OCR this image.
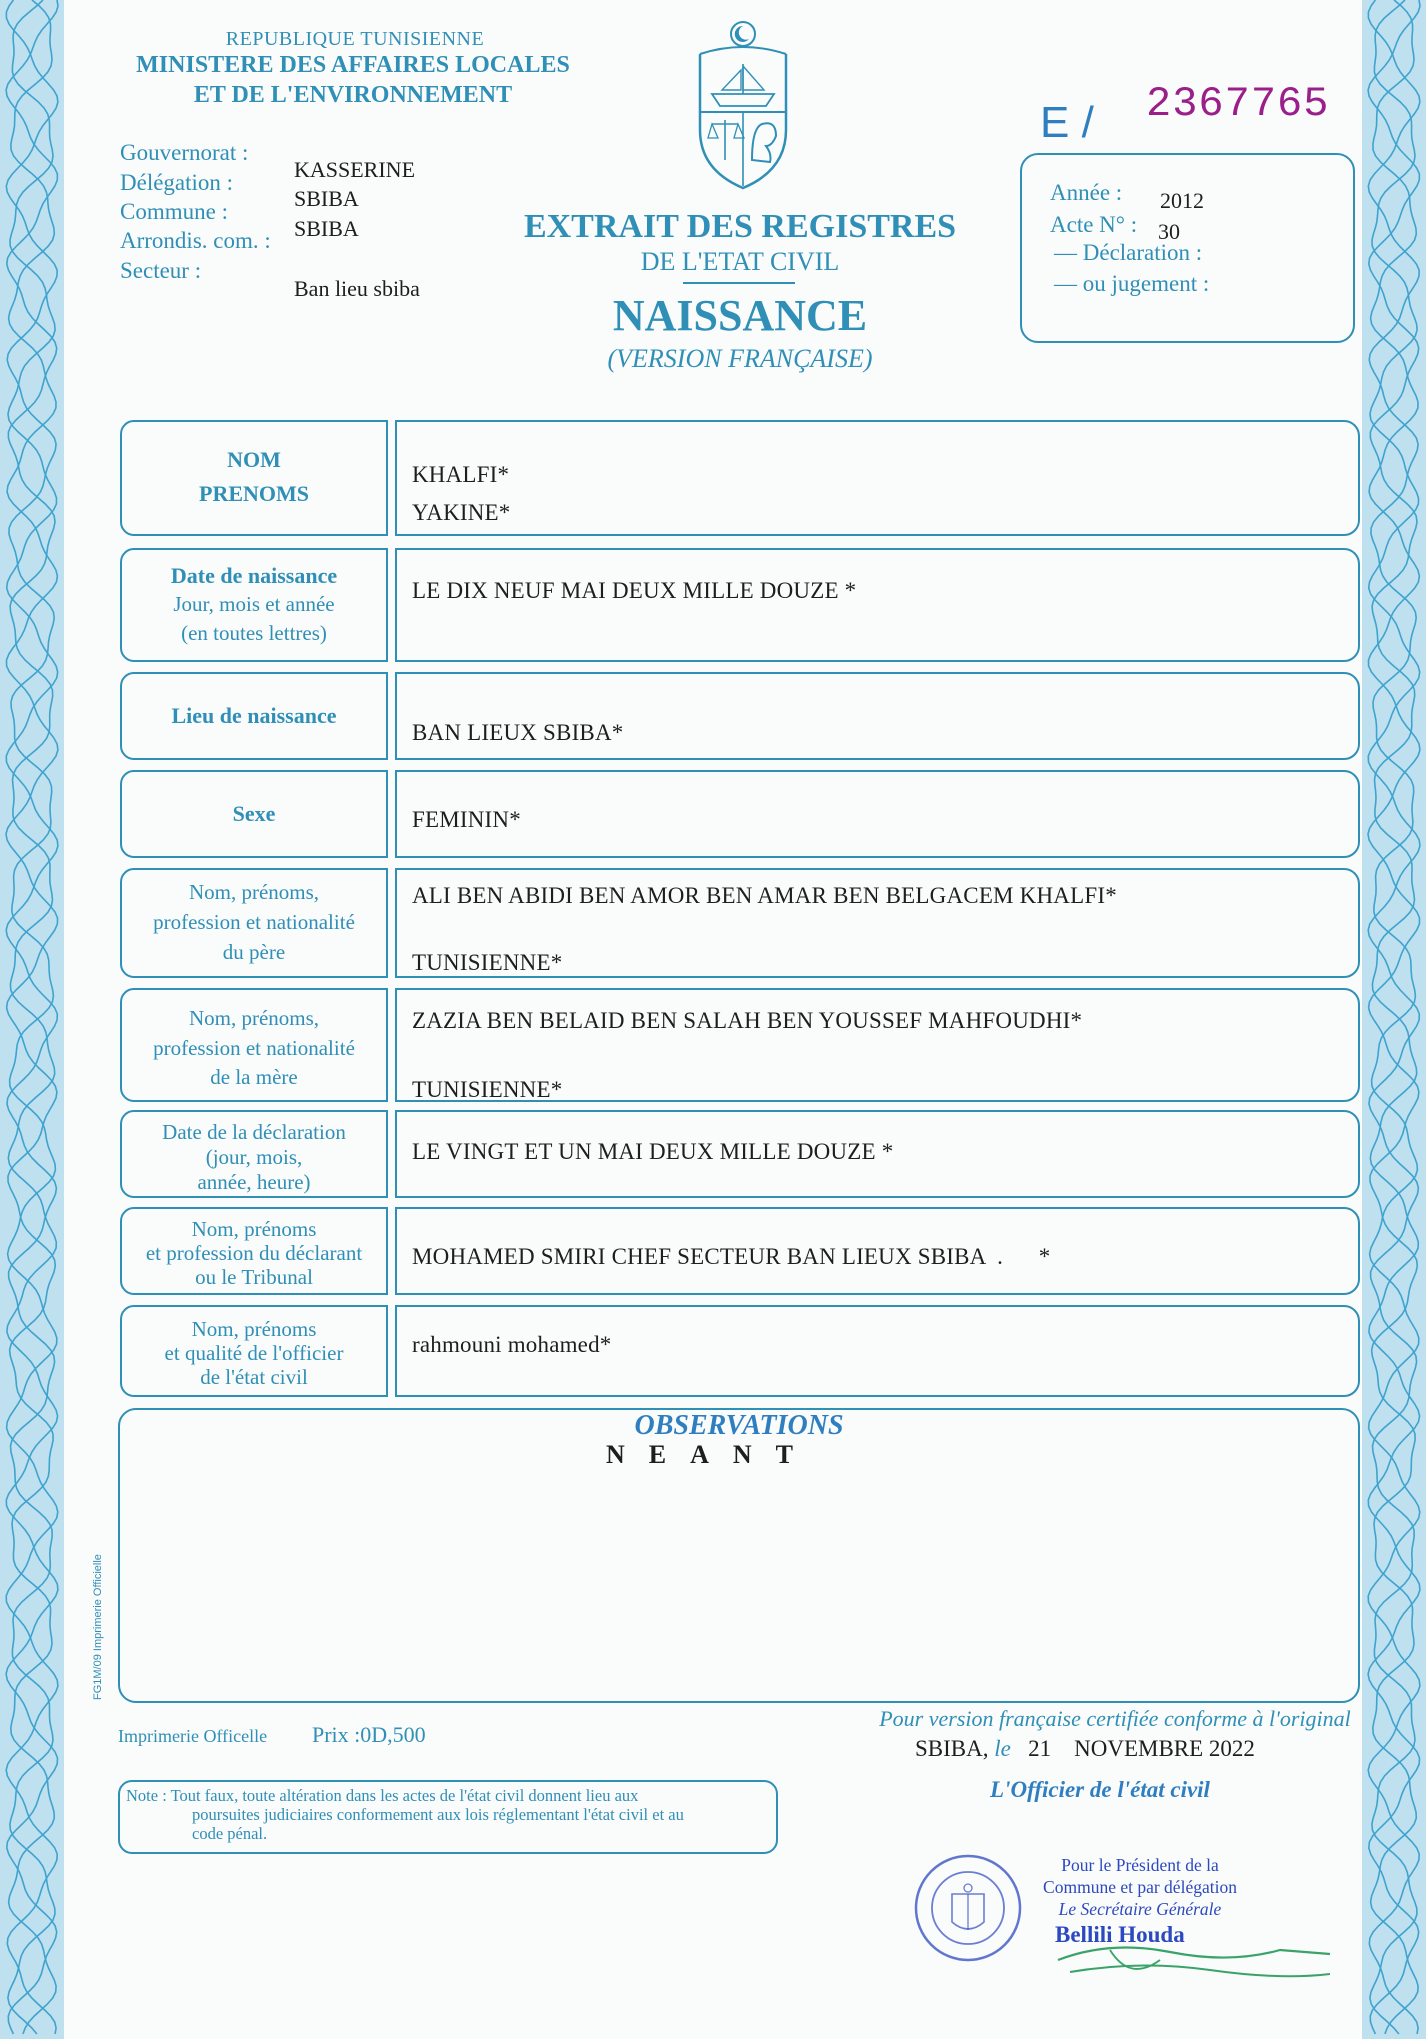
REPUBLIQUE TUNISIENNE
MINISTERE DES AFFAIRES LOCALES
ET DE L'ENVIRONNEMENT
Gouvernorat :
Délégation :
Commune :
Arrondis. com. :
Secteur :
KASSERINE
SBIBA
SBIBA
Ban lieu sbiba
EXTRAIT DES REGISTRES
DE L'ETAT CIVIL
NAISSANCE
(VERSION FRANÇAISE)
E / 2367765
Année : 2012
Acte N° : 30
— Déclaration :
— ou jugement :
NOM
PRENOMS
KHALFI*
YAKINE*
Date de naissance
Jour, mois et année
(en toutes lettres)
LE DIX NEUF MAI DEUX MILLE DOUZE *
Lieu de naissance
BAN LIEUX SBIBA*
Sexe	FEMININ*
Nom, prénoms,
profession et nationalité
du père
ALI BEN ABIDI BEN AMOR BEN AMAR BEN BELGACEM KHALFI*
TUNISIENNE*
Nom, prénoms,
profession et nationalité
de la mère
ZAZIA BEN BELAID BEN SALAH BEN YOUSSEF MAHFOUDHI*
TUNISIENNE*
Date de la déclaration
(jour, mois,
année, heure)
LE VINGT ET UN MAI DEUX MILLE DOUZE *
Nom, prénoms
et profession du déclarant
ou le Tribunal
MOHAMED SMIRI CHEF SECTEUR BAN LIEUX SBIBA  .      *
Nom, prénoms
et qualité de l'officier
de l'état civil
rahmouni mohamed*
OBSERVATIONS
NEANT
FG1M/09 Imprimerie Officielle
Imprimerie Officelle Prix :0D,500
Note : Tout faux, toute altération dans les actes de l'état civil donnent lieu aux
poursuites judiciaires conformement aux lois réglementant l'état civil et au
code pénal.
Pour version française certifiée conforme à l'original
SBIBA, le 21 NOVEMBRE 2022
L'Officier de l'état civil
Pour le Président de la
Commune et par délégation
Le Secrétaire Générale
Bellili Houda
